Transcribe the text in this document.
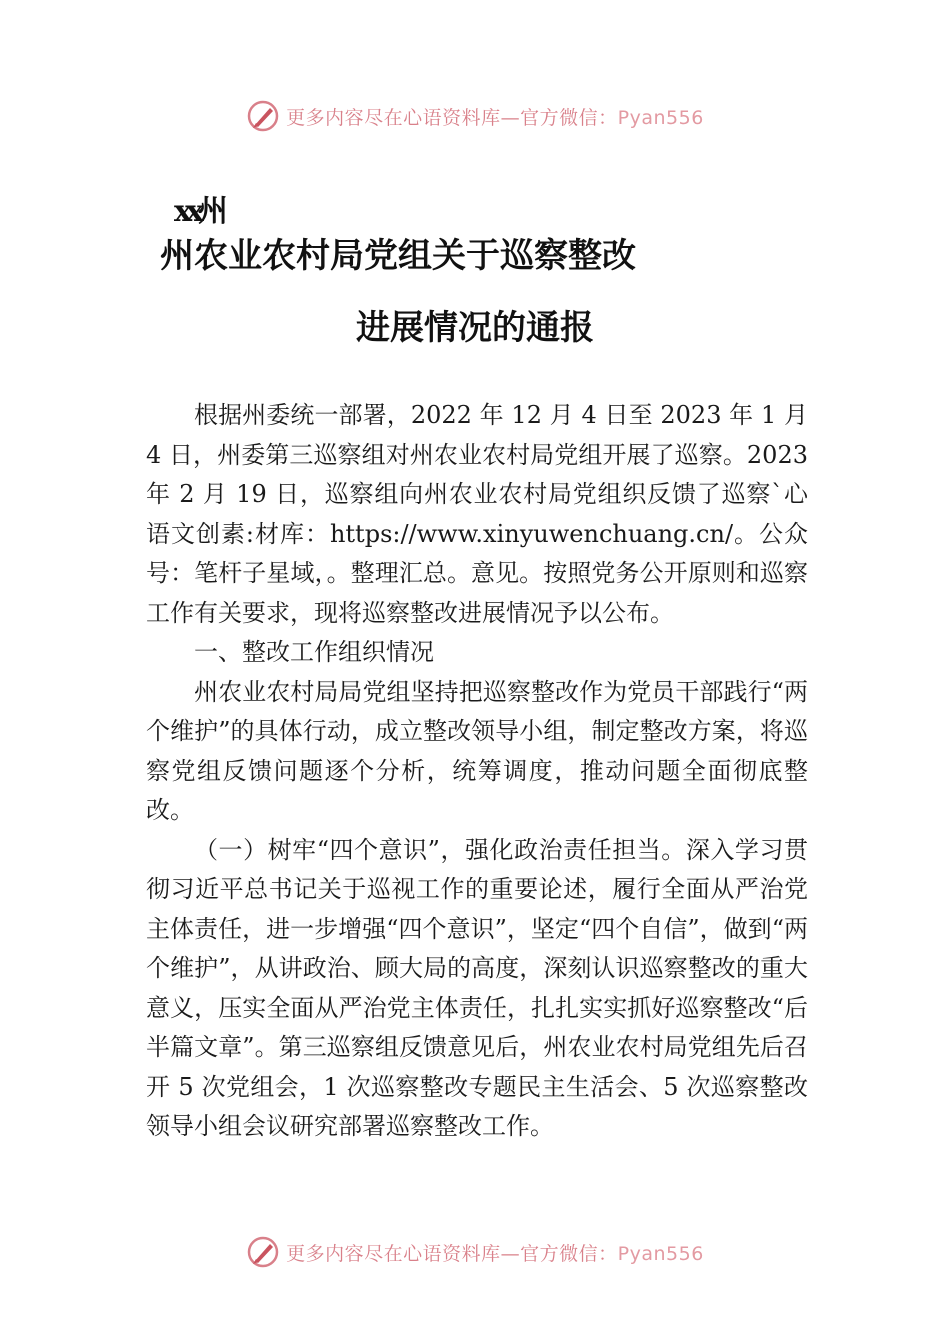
更多内容尽在心语资料库—官方微信：Pyan556
xx州
州农业农村局党组关于巡察整改
进展情况的通报

根据州委统一部署，2022 年 12 月 4 日至 2023 年 1 月 4 日，州委第三巡察组对州农业农村局党组开展了巡察。2023　年 2 月 19 日，巡察组向州农业农村局党组织反馈了巡察`心语文创素:材库：https://www.xinyuwenchuang.cn/。公众号：笔杆子星域，。整理汇总。意见。按照党务公开原则和巡察工作有关要求，现将巡察整改进展情况予以公布。

一、整改工作组织情况

州农业农村局局党组坚持把巡察整改作为党员干部践行“两个维护”的具体行动，成立整改领导小组，制定整改方案，将巡察党组反馈问题逐个分析，统筹调度，推动问题全面彻底整改。

（一）树牢“四个意识”，强化政治责任担当。深入学习贯彻习近平总书记关于巡视工作的重要论述，履行全面从严治党主体责任，进一步增强“四个意识”，坚定“四个自信”，做到“两个维护”，从讲政治、顾大局的高度，深刻认识巡察整改的重大意义，压实全面从严治党主体责任，扎扎实实抓好巡察整改“后半篇文章”。第三巡察组反馈意见后，州农业农村局党组先后召开 5 次党组会，1 次巡察整改专题民主生活会、5 次巡察整改领导小组会议研究部署巡察整改工作。

更多内容尽在心语资料库—官方微信：Pyan556
